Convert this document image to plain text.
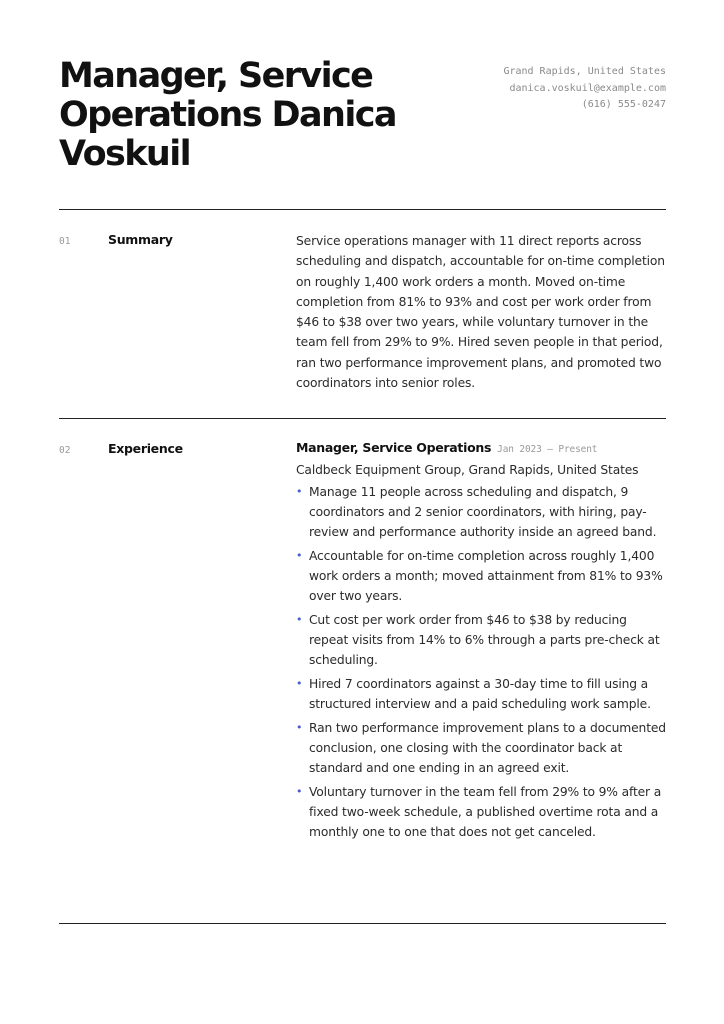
Manager, Service Operations Danica Voskuil
Grand Rapids, United States
danica.voskuil@example.com
(616) 555-0247
01	Summary	Service operations manager with 11 direct reports across scheduling and dispatch, accountable for on-time completion on roughly 1,400 work orders a month. Moved on-time completion from 81% to 93% and cost per work order from $46 to $38 over two years, while voluntary turnover in the team fell from 29% to 9%. Hired seven people in that period, ran two performance improvement plans, and promoted two coordinators into senior roles.
02	Experience	Manager, Service Operations Jan 2023 — Present
Caldbeck Equipment Group, Grand Rapids, United States
• Manage 11 people across scheduling and dispatch, 9 coordinators and 2 senior coordinators, with hiring, pay-review and performance authority inside an agreed band.
• Accountable for on-time completion across roughly 1,400 work orders a month; moved attainment from 81% to 93% over two years.
• Cut cost per work order from $46 to $38 by reducing repeat visits from 14% to 6% through a parts pre-check at scheduling.
• Hired 7 coordinators against a 30-day time to fill using a structured interview and a paid scheduling work sample.
• Ran two performance improvement plans to a documented conclusion, one closing with the coordinator back at standard and one ending in an agreed exit.
• Voluntary turnover in the team fell from 29% to 9% after a fixed two-week schedule, a published overtime rota and a monthly one to one that does not get canceled.
